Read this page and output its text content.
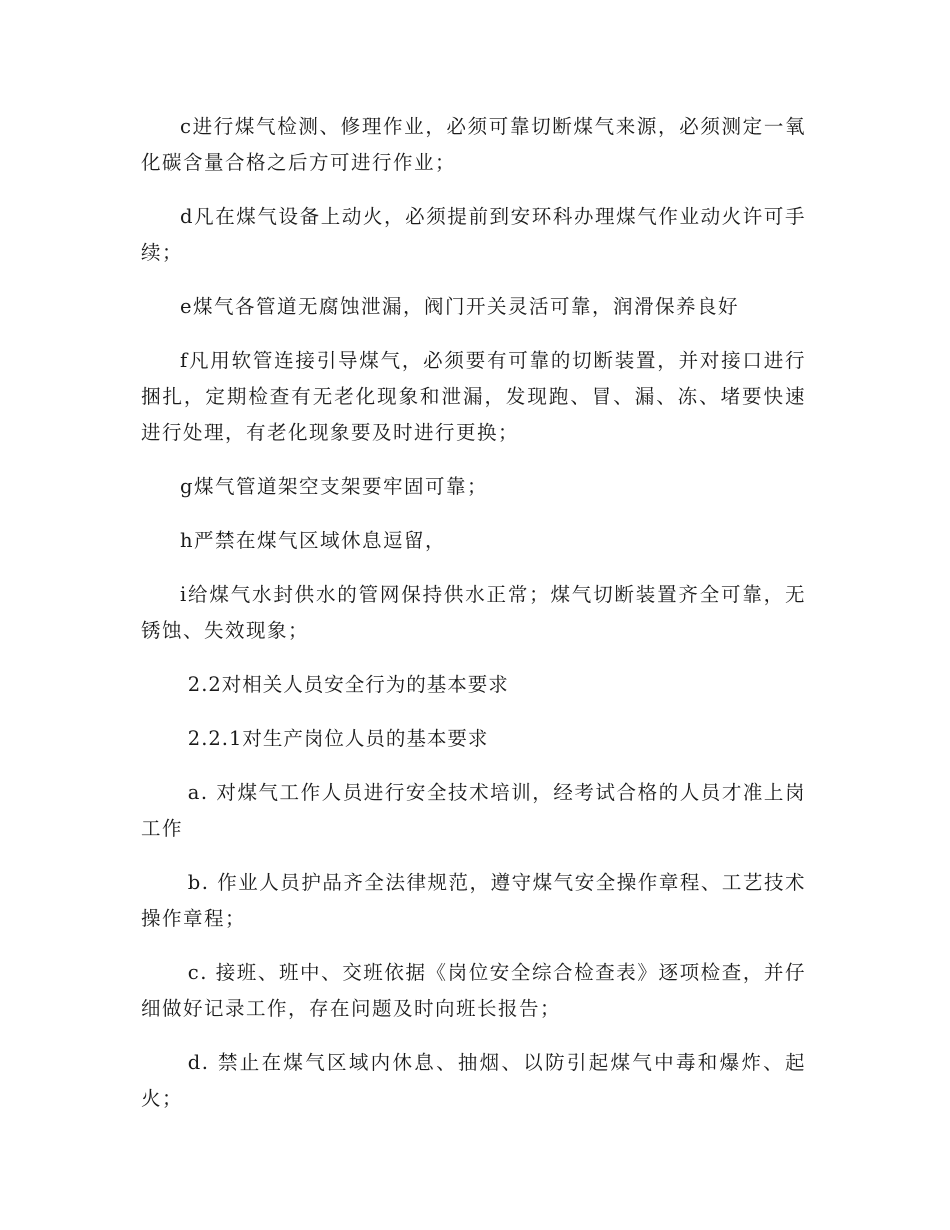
c进行煤气检测、修理作业，必须可靠切断煤气来源，必须测定一氧化碳含量合格之后方可进行作业；

d凡在煤气设备上动火，必须提前到安环科办理煤气作业动火许可手续；

e煤气各管道无腐蚀泄漏，阀门开关灵活可靠，润滑保养良好

f凡用软管连接引导煤气，必须要有可靠的切断装置，并对接口进行捆扎，定期检查有无老化现象和泄漏，发现跑、冒、漏、冻、堵要快速进行处理，有老化现象要及时进行更换；

g煤气管道架空支架要牢固可靠；

h严禁在煤气区域休息逗留，

i给煤气水封供水的管网保持供水正常；煤气切断装置齐全可靠，无锈蚀、失效现象；

2.2对相关人员安全行为的基本要求

2.2.1对生产岗位人员的基本要求

a. 对煤气工作人员进行安全技术培训，经考试合格的人员才准上岗工作

b. 作业人员护品齐全法律规范，遵守煤气安全操作章程、工艺技术操作章程；

c. 接班、班中、交班依据《岗位安全综合检查表》逐项检查，并仔细做好记录工作，存在问题及时向班长报告；

d. 禁止在煤气区域内休息、抽烟、以防引起煤气中毒和爆炸、起火；
